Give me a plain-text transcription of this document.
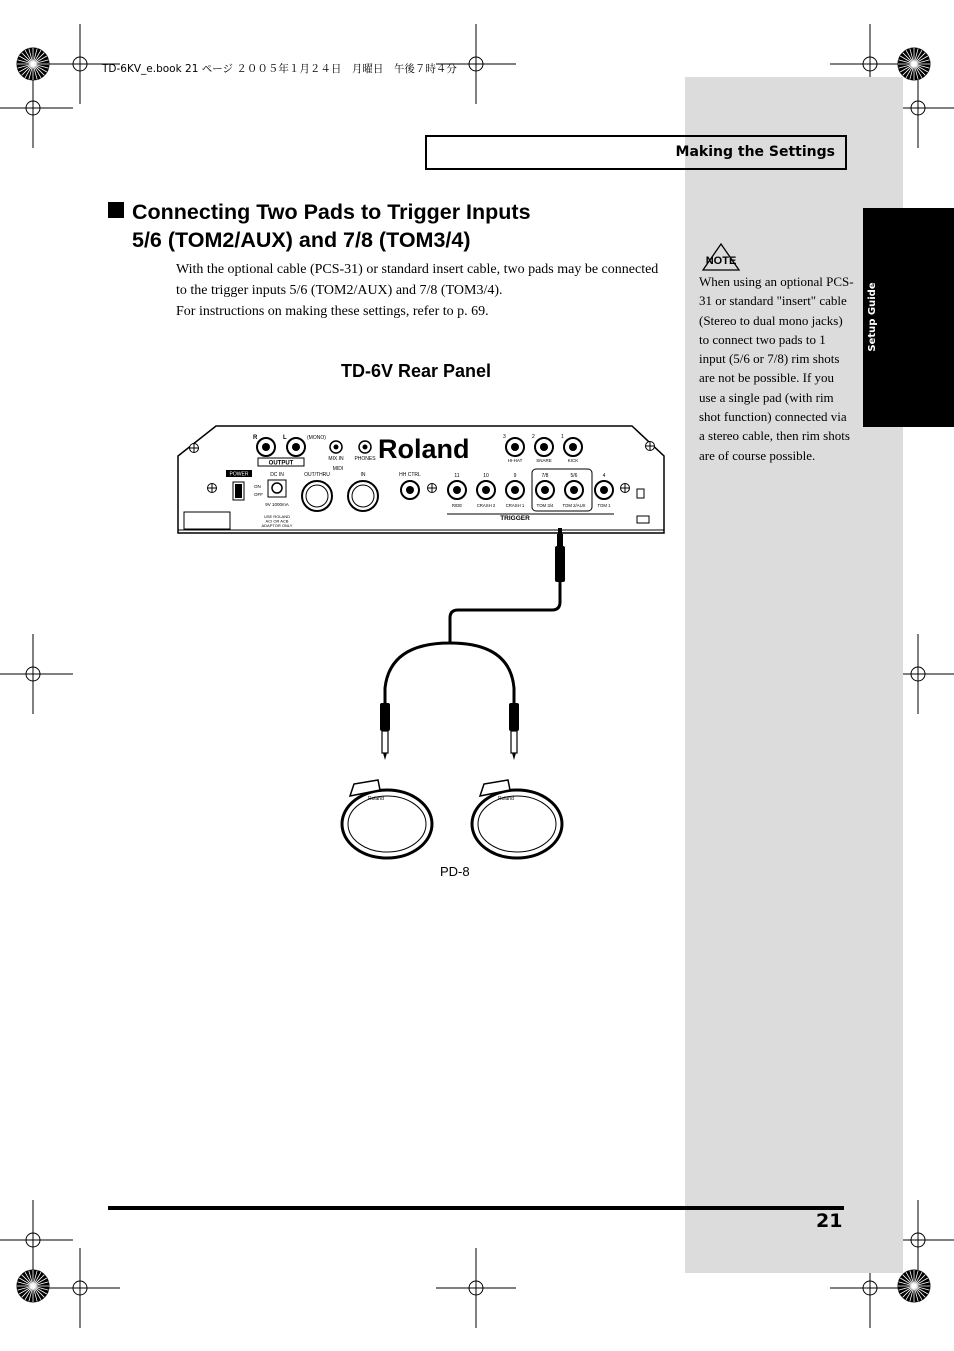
TD-6KV_e.book 21 ページ ２００５年１月２４日　月曜日　午後７時４分
Setup Guide
Making the Settings
Connecting Two Pads to Trigger Inputs
5/6 (TOM2/AUX) and 7/8 (TOM3/4)

With the optional cable (PCS-31) or standard insert cable, two pads may be connected to the trigger inputs 5/6 (TOM2/AUX) and 7/8 (TOM3/4).

For instructions on making these settings, refer to p. 69.

TD-6V Rear Panel
R	L	(MONO)
OUTPUT
MIX IN PHONES Roland
POWER
ON
OFF
DC IN
9V 1000mA
USE ROLAND
ACI OR ACB
ADAPTOR ONLY
MIDI
OUT/THRU	IN	HH CTRL
3	2	1
HI-HAT	SNARE	KICK
11	10	9	7/8	5/6	4
RIDE	CRASH 2 CRASH 1	TOM 3/4 TOM 2/AUX	TOM 1
TRIGGER
Roland	Roland
PD-8
NOTE
When using an optional PCS-31 or standard "insert" cable (Stereo to dual mono jacks) to connect two pads to 1 input (5/6 or 7/8) rim shots are not be possible. If you use a single pad (with rim shot function) connected via a stereo cable, then rim shots are of course possible.
21
